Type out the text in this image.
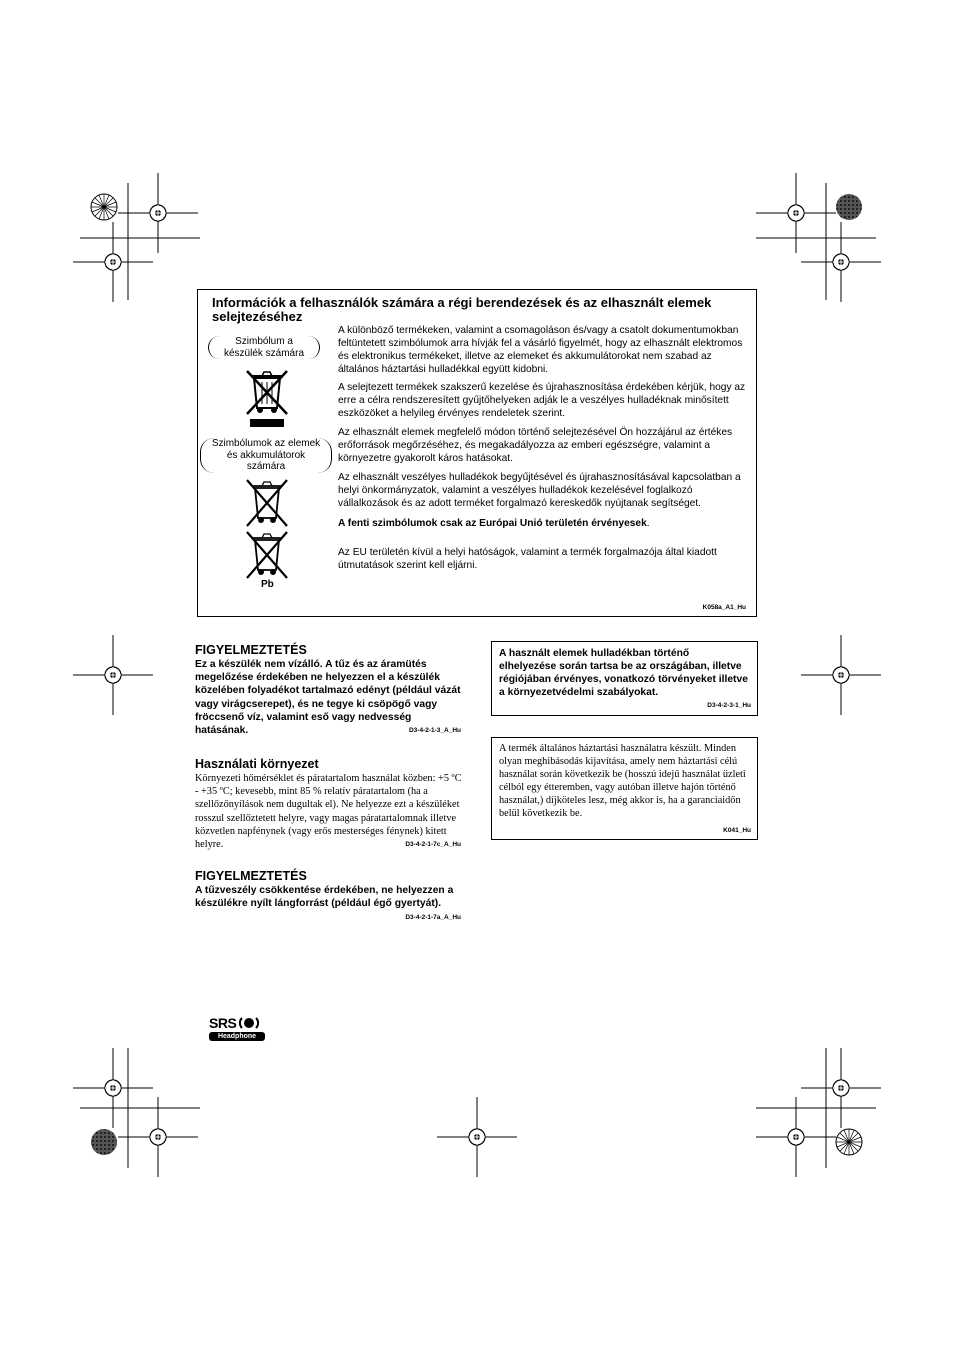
Információk a felhasználók számára a régi berendezések és az elhasznált elemek selejtezéséhez
Szimbólum a készülék számára
Szimbólumok az elemek és akkumulátorok számára
Pb

A különböző termékeken, valamint a csomagoláson és/vagy a csatolt dokumentumokban feltüntetett szimbólumok arra hívják fel a vásárló figyelmét, hogy az elhasznált elektromos és elektronikus termékeket, illetve az elemeket és akkumulátorokat nem szabad az általános háztartási hulladékkal együtt kidobni.

A selejtezett termékek szakszerű kezelése és újrahasznosítása érdekében kérjük, hogy az erre a célra rendszeresített gyűjtőhelyeken adják le a veszélyes hulladéknak minősített eszközöket a helyileg érvényes rendeletek szerint.

Az elhasznált elemek megfelelő módon történő selejtezésével Ön hozzájárul az értékes erőforrások megőrzéséhez, és megakadályozza az emberi egészségre, valamint a környezetre gyakorolt káros hatásokat.

Az elhasznált veszélyes hulladékok begyűjtésével és újrahasznosításával kapcsolatban a helyi önkormányzatok, valamint a veszélyes hulladékok kezelésével foglalkozó vállalkozások és az adott terméket forgalmazó kereskedők nyújtanak segítséget.

A fenti szimbólumok csak az Európai Unió területén érvényesek.

Az EU területén kívül a helyi hatóságok, valamint a termék forgalmazója által kiadott útmutatások szerint kell eljárni.

K058a_A1_Hu
FIGYELMEZTETÉS

Ez a készülék nem vízálló. A tűz és az áramütés megelőzése érdekében ne helyezzen el a készülék közelében folyadékot tartalmazó edényt (például vázát vagy virágcserepet), és ne tegye ki csöpögő vagy fröccsenő víz, valamint eső vagy nedvesség hatásának.	D3-4-2-1-3_A_Hu
Használati környezet

Környezeti hőmérséklet és páratartalom használat közben: +5 ºC - +35 ºC; kevesebb, mint 85 % relatív páratartalom (ha a szellőzőnyílások nem dugultak el). Ne helyezze ezt a készüléket rosszul szellőztetett helyre, vagy magas páratartalomnak illetve közvetlen napfénynek (vagy erős mesterséges fénynek) kitett helyre.	D3-4-2-1-7c_A_Hu
FIGYELMEZTETÉS

A tűzveszély csökkentése érdekében, ne helyezzen a készülékre nyílt lángforrást (például égő gyertyát).

D3-4-2-1-7a_A_Hu

A használt elemek hulladékban történő elhelyezése során tartsa be az országában, illetve régiójában érvényes, vonatkozó törvényeket illetve a környezetvédelmi szabályokat.

D3-4-2-3-1_Hu

A termék általános háztartási használatra készült. Minden olyan meghibásodás kijavítása, amely nem háztartási célú használat során következik be (hosszú idejű használat üzleti célból egy étteremben, vagy autóban illetve hajón történő használat,) díjköteles lesz, még akkor is, ha a garanciaidőn belül következik be.

K041_Hu
SRS
Headphone
